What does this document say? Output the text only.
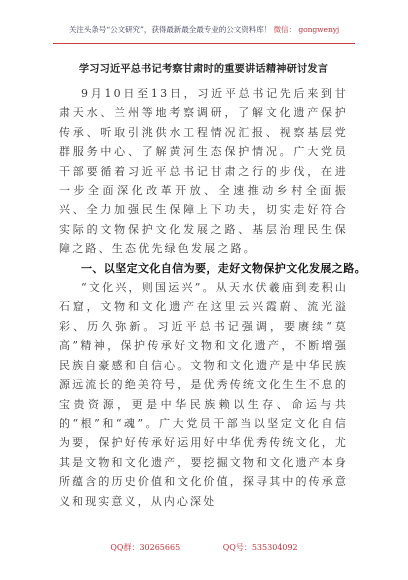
关注头条号“公文研究”，获得最新最全最专业的公文资料库！ 微信： gongwenyj
学习习近平总书记考察甘肃时的重要讲话精神研讨发言

9月10日至13日，习近平总书记先后来到甘肃天水、兰州等地考察调研，了解文化遗产保护传承、听取引洮供水工程情况汇报、视察基层党群服务中心、了解黄河生态保护情况。广大党员干部要循着习近平总书记甘肃之行的步伐，在进一步全面深化改革开放、全速推动乡村全面振兴、全力加强民生保障上下功夫，切实走好符合实际的文物保护文化发展之路、基层治理民生保障之路、生态优先绿色发展之路。

一、以坚定文化自信为要，走好文物保护文化发展之路。

“文化兴，则国运兴”。从天水伏羲庙到麦积山石窟，文物和文化遗产在这里云兴霞蔚、流光溢彩、历久弥新。习近平总书记强调，要赓续“莫高”精神，保护传承好文物和文化遗产，不断增强民族自豪感和自信心。文物和文化遗产是中华民族源远流长的绝美符号，是优秀传统文化生生不息的宝贵资源，更是中华民族赖以生存、命运与共的“根”和“魂”。广大党员干部当以坚定文化自信为要，保护好传承好运用好中华优秀传统文化，尤其是文物和文化遗产，要挖掘文物和文化遗产本身所蕴含的历史价值和文化价值，探寻其中的传承意义和现实意义，从内心深处

QQ群：30265665	QQ号：535304092
